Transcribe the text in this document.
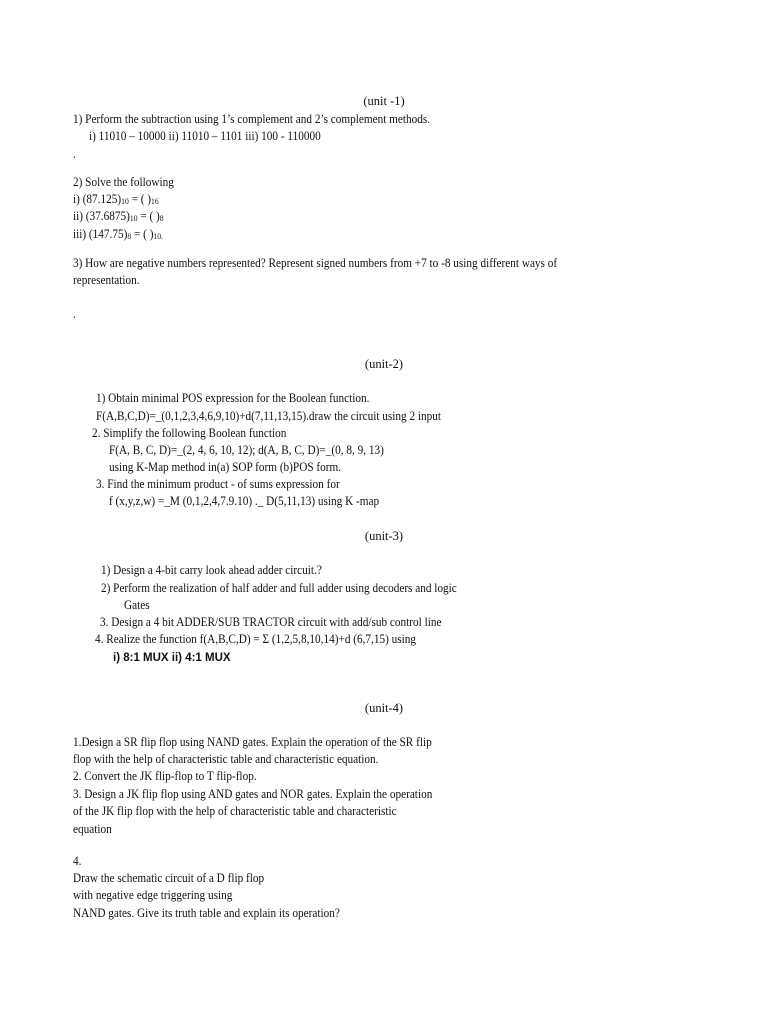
(unit -1)
1) Perform the subtraction using 1’s complement and 2’s complement methods.
i) 11010 – 10000 ii) 11010 – 1101 iii) 100 - 110000
.
2) Solve the following
i) (87.125)10 = ( )16
ii) (37.6875)10 = ( )8
iii) (147.75)8 = ( )10.
3) How are negative numbers represented? Represent signed numbers from +7 to -8 using different ways of
representation.
.
(unit-2)
1) Obtain minimal POS expression for the Boolean function.
F(A,B,C,D)=_(0,1,2,3,4,6,9,10)+d(7,11,13,15).draw the circuit using 2 input
2. Simplify the following Boolean function
F(A, B, C, D)=_(2, 4, 6, 10, 12); d(A, B, C, D)=_(0, 8, 9, 13)
using K-Map method in(a) SOP form (b)POS form.
3. Find the minimum product - of sums expression for
f (x,y,z,w) =_M (0,1,2,4,7.9.10) ._ D(5,11,13) using K -map
(unit-3)
1) Design a 4-bit carry look ahead adder circuit.?
2) Perform the realization of half adder and full adder using decoders and logic
Gates
3. Design a 4 bit ADDER/SUB TRACTOR circuit with add/sub control line
4. Realize the function f(A,B,C,D) = Σ (1,2,5,8,10,14)+d (6,7,15) using
i) 8:1 MUX ii) 4:1 MUX
(unit-4)
1.Design a SR flip flop using NAND gates. Explain the operation of the SR flip
flop with the help of characteristic table and characteristic equation.
2. Convert the JK flip-flop to T flip-flop.
3. Design a JK flip flop using AND gates and NOR gates. Explain the operation
of the JK flip flop with the help of characteristic table and characteristic
equation
4.
Draw the schematic circuit of a D flip flop
with negative edge triggering using
NAND gates. Give its truth table and explain its operation?
